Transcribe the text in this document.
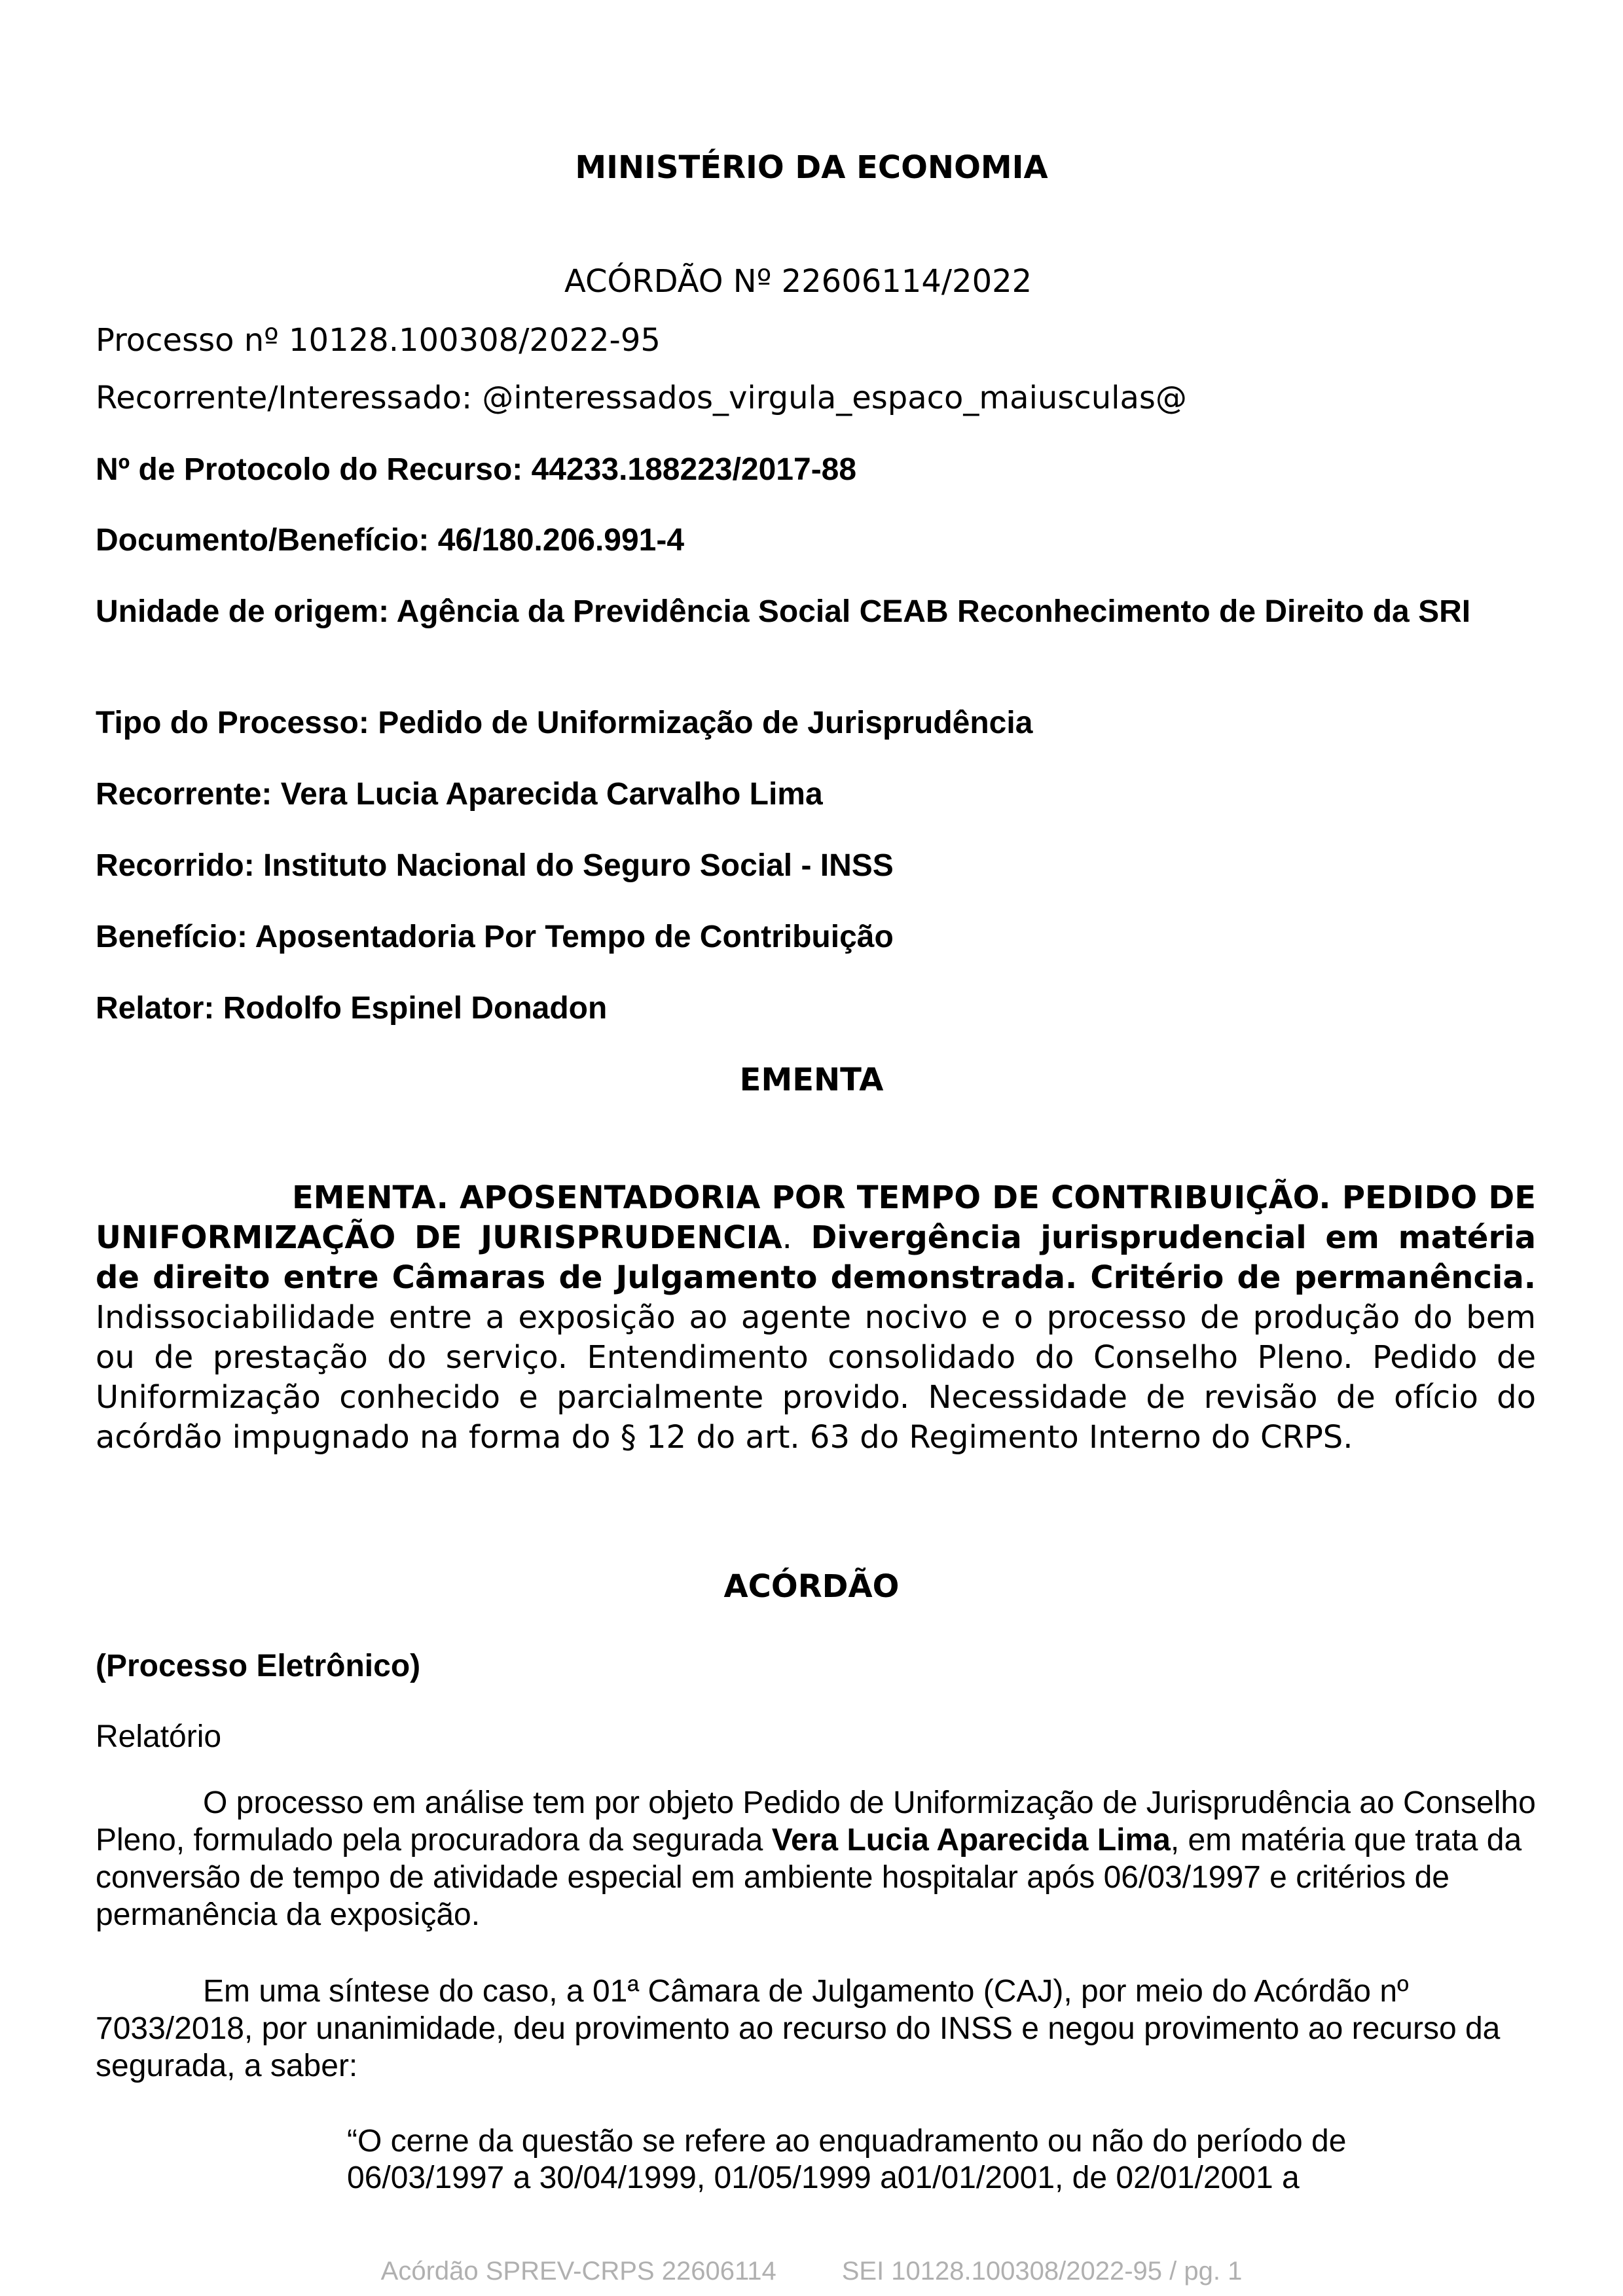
MINISTÉRIO DA ECONOMIA

ACÓRDÃO Nº 22606114/2022

Processo nº 10128.100308/2022-95

Recorrente/Interessado: @interessados_virgula_espaco_maiusculas@

Nº de Protocolo do Recurso: 44233.188223/2017-88

Documento/Benefício: 46/180.206.991-4

Unidade de origem: Agência da Previdência Social CEAB Reconhecimento de Direito da SRI

Tipo do Processo: Pedido de Uniformização de Jurisprudência

Recorrente: Vera Lucia Aparecida Carvalho Lima

Recorrido: Instituto Nacional do Seguro Social - INSS

Benefício: Aposentadoria Por Tempo de Contribuição

Relator: Rodolfo Espinel Donadon

EMENTA

EMENTA. APOSENTADORIA POR TEMPO DE CONTRIBUIÇÃO. PEDIDO DE UNIFORMIZAÇÃO DE JURISPRUDENCIA. Divergência jurisprudencial em matéria de direito entre Câmaras de Julgamento demonstrada. Critério de permanência. Indissociabilidade entre a exposição ao agente nocivo e o processo de produção do bem ou de prestação do serviço. Entendimento consolidado do Conselho Pleno. Pedido de Uniformização conhecido e parcialmente provido. Necessidade de revisão de ofício do acórdão impugnado na forma do § 12 do art. 63 do Regimento Interno do CRPS.

ACÓRDÃO

(Processo Eletrônico)

Relatório

O processo em análise tem por objeto Pedido de Uniformização de Jurisprudência ao Conselho Pleno, formulado pela procuradora da segurada Vera Lucia Aparecida Lima, em matéria que trata da conversão de tempo de atividade especial em ambiente hospitalar após 06/03/1997 e critérios de permanência da exposição.

Em uma síntese do caso, a 01ª Câmara de Julgamento (CAJ), por meio do Acórdão nº 7033/2018, por unanimidade, deu provimento ao recurso do INSS e negou provimento ao recurso da segurada, a saber:

“O cerne da questão se refere ao enquadramento ou não do período de
06/03/1997 a 30/04/1999, 01/05/1999 a01/01/2001, de 02/01/2001 a
Acórdão SPREV-CRPS 22606114	SEI 10128.100308/2022-95 / pg. 1
